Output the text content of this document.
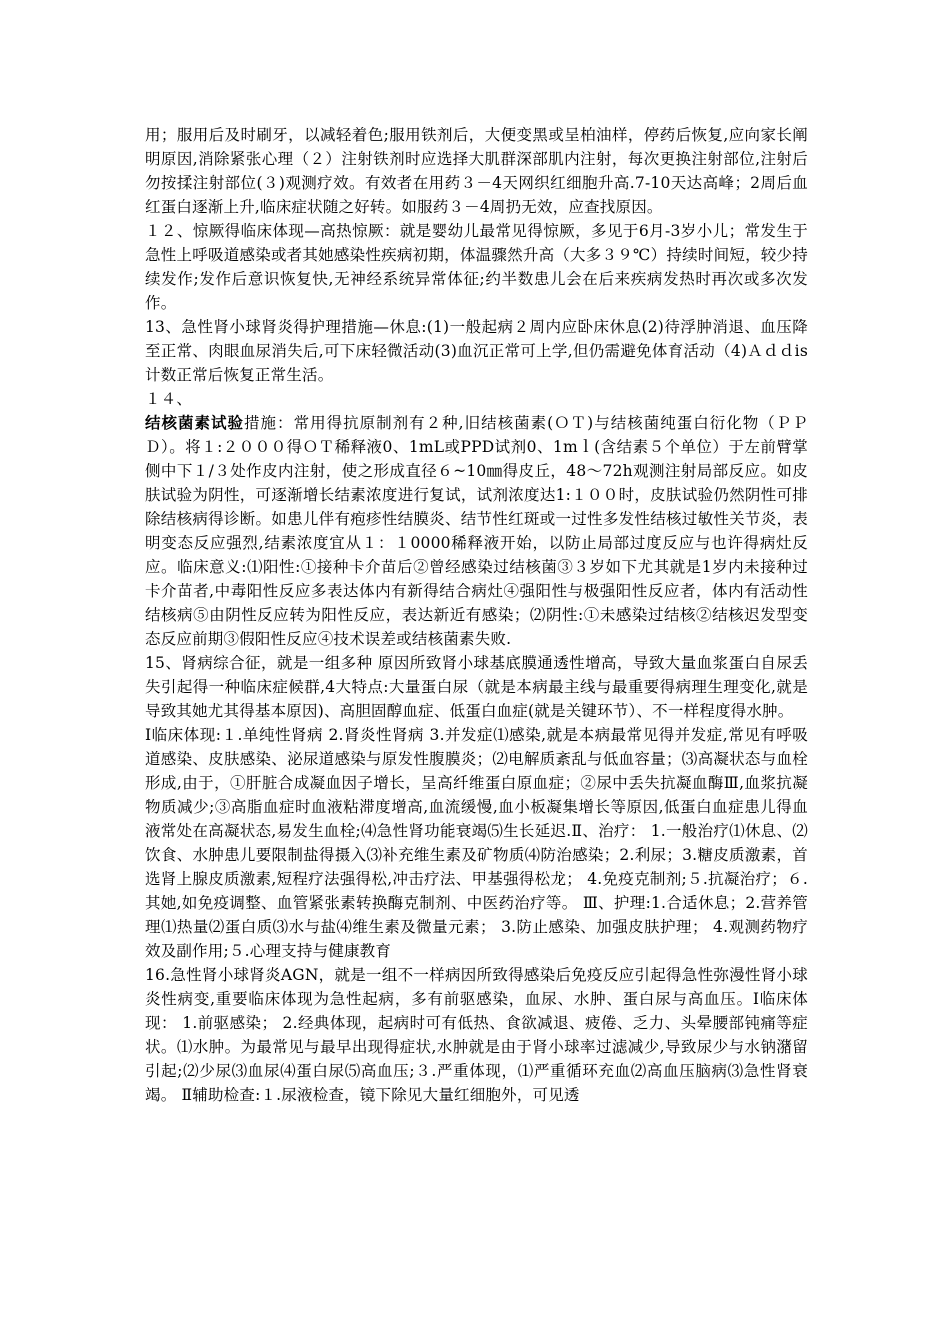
用；服用后及时刷牙，以减轻着色;服用铁剂后，大便变黑或呈柏油样，停药后恢复,应向家长阐明原因,消除紧张心理（２）注射铁剂时应选择大肌群深部肌内注射，每次更换注射部位,注射后勿按揉注射部位(３)观测疗效。有效者在用药３－4天网织红细胞升高.7-10天达高峰；2周后血红蛋白逐渐上升,临床症状随之好转。如服药３－4周扔无效，应查找原因。

１２、惊厥得临床体现—高热惊厥：就是婴幼儿最常见得惊厥，多见于6月-3岁小儿；常发生于急性上呼吸道感染或者其她感染性疾病初期，体温骤然升高（大多３９℃）持续时间短，较少持续发作;发作后意识恢复快,无神经系统异常体征;约半数患儿会在后来疾病发热时再次或多次发作。

13、急性肾小球肾炎得护理措施—休息:(1)一般起病２周内应卧床休息(2)待浮肿消退、血压降至正常、肉眼血尿消失后,可下床轻微活动(3)血沉正常可上学,但仍需避免体育活动（4)Ａｄｄis计数正常后恢复正常生活。

１４、

结核菌素试验措施：常用得抗原制剂有２种,旧结核菌素(ＯＴ)与结核菌纯蛋白衍化物（ＰＰＤ）。将１:２０００得ＯＴ稀释液0、1mL或PPD试剂0、1mｌ(含结素５个单位）于左前臂掌侧中下１/３处作皮内注射，使之形成直径６~10㎜得皮丘，48～72h观测注射局部反应。如皮肤试验为阴性，可逐渐增长结素浓度进行复试，试剂浓度达1:１００时，皮肤试验仍然阴性可排除结核病得诊断。如患儿伴有疱疹性结膜炎、结节性红斑或一过性多发性结核过敏性关节炎，表明变态反应强烈,结素浓度宜从１：１0000稀释液开始，以防止局部过度反应与也许得病灶反应。临床意义:⑴阳性:①接种卡介苗后②曾经感染过结核菌③３岁如下尤其就是1岁内未接种过卡介苗者,中毒阳性反应多表达体内有新得结合病灶④强阳性与极强阳性反应者，体内有活动性结核病⑤由阴性反应转为阳性反应，表达新近有感染；⑵阴性:①未感染过结核②结核迟发型变态反应前期③假阳性反应④技术误差或结核菌素失败.

15、肾病综合征，就是一组多种 原因所致肾小球基底膜通透性增高，导致大量血浆蛋白自尿丢失引起得一种临床症候群,4大特点:大量蛋白尿（就是本病最主线与最重要得病理生理变化,就是导致其她尤其得基本原因)、高胆固醇血症、低蛋白血症(就是关键环节）、不一样程度得水肿。

Ⅰ临床体现:１.单纯性肾病 2.肾炎性肾病 3.并发症⑴感染,就是本病最常见得并发症,常见有呼吸道感染、皮肤感染、泌尿道感染与原发性腹膜炎；⑵电解质紊乱与低血容量；⑶高凝状态与血栓形成,由于，①肝脏合成凝血因子增长，呈高纤维蛋白原血症；②尿中丢失抗凝血酶Ⅲ,血浆抗凝物质减少;③高脂血症时血液粘滞度增高,血流缓慢,血小板凝集增长等原因,低蛋白血症患儿得血液常处在高凝状态,易发生血栓;⑷急性肾功能衰竭⑸生长延迟.Ⅱ、治疗： 1.一般治疗⑴休息、⑵饮食、水肿患儿要限制盐得摄入⑶补充维生素及矿物质⑷防治感染；2.利尿；3.糖皮质激素，首选肾上腺皮质激素,短程疗法强得松,冲击疗法、甲基强得松龙； 4.免疫克制剂;５.抗凝治疗；６.其她,如免疫调整、血管紧张素转换酶克制剂、中医药治疗等。 Ⅲ、护理:1.合适休息；2.营养管理⑴热量⑵蛋白质⑶水与盐⑷维生素及微量元素； 3.防止感染、加强皮肤护理； 4.观测药物疗效及副作用;５.心理支持与健康教育

16.急性肾小球肾炎AGN，就是一组不一样病因所致得感染后免疫反应引起得急性弥漫性肾小球炎性病变,重要临床体现为急性起病，多有前驱感染，血尿、水肿、蛋白尿与高血压。Ⅰ临床体现： 1.前驱感染； 2.经典体现，起病时可有低热、食欲减退、疲倦、乏力、头晕腰部钝痛等症状。⑴水肿。为最常见与最早出现得症状,水肿就是由于肾小球率过滤减少,导致尿少与水钠潴留引起;⑵少尿⑶血尿⑷蛋白尿⑸高血压;３.严重体现，⑴严重循环充血⑵高血压脑病⑶急性肾衰竭。 Ⅱ辅助检查:１.尿液检查，镜下除见大量红细胞外，可见透
